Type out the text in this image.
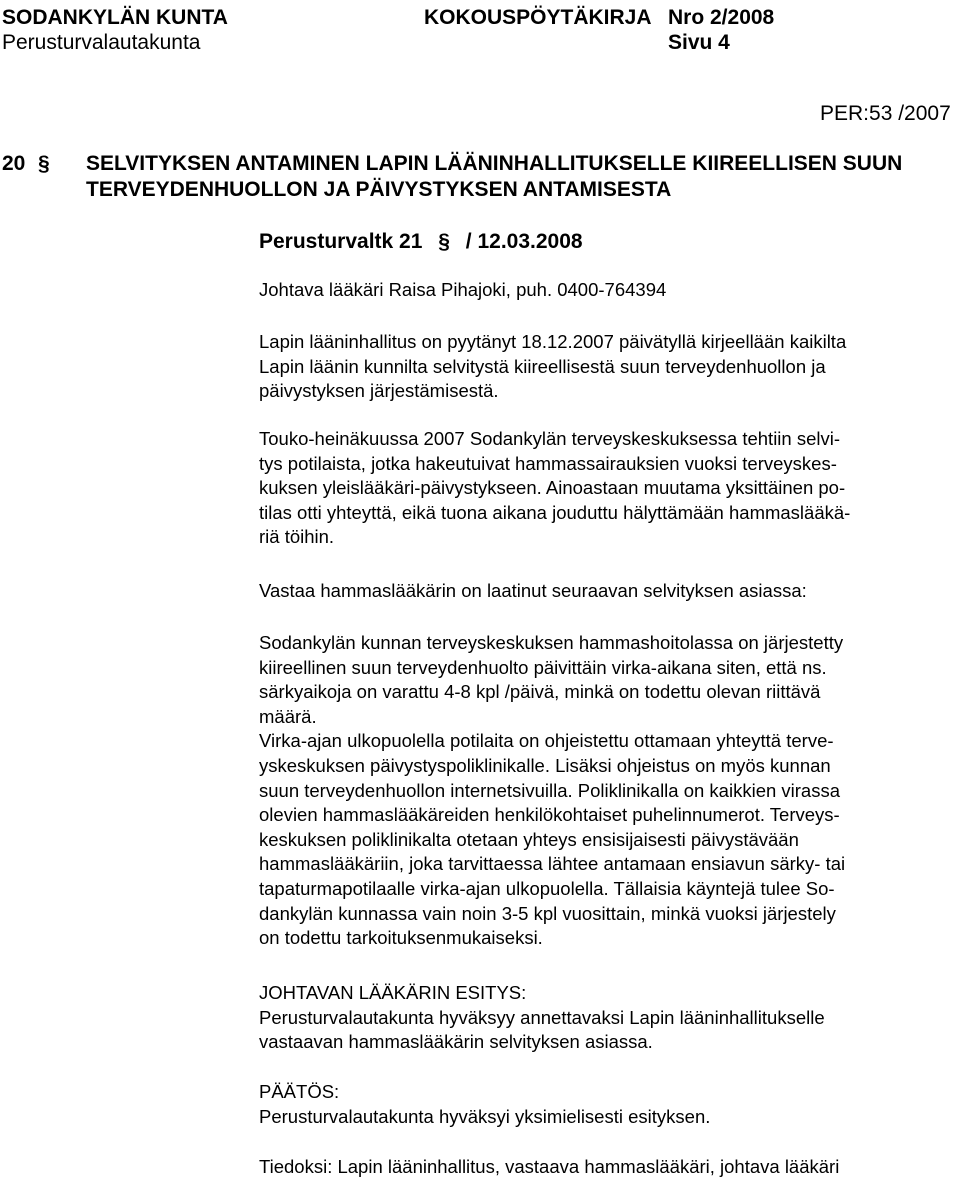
SODANKYLÄN KUNTA	KOKOUSPÖYTÄKIRJA Nro 2/2008
Perusturvalautakunta	Sivu 4
PER:53 /2007
20 § SELVITYKSEN ANTAMINEN LAPIN LÄÄNINHALLITUKSELLE KIIREELLISEN SUUN
TERVEYDENHUOLLON JA PÄIVYSTYKSEN ANTAMISESTA
Perusturvaltk 21 § / 12.03.2008
Johtava lääkäri Raisa Pihajoki, puh. 0400-764394
Lapin lääninhallitus on pyytänyt 18.12.2007 päivätyllä kirjeellään kaikilta
Lapin läänin kunnilta selvitystä kiireellisestä suun terveydenhuollon ja
päivystyksen järjestämisestä.
Touko-heinäkuussa 2007 Sodankylän terveyskeskuksessa tehtiin selvi-
tys potilaista, jotka hakeutuivat hammassairauksien vuoksi terveyskes-
kuksen yleislääkäri-päivystykseen. Ainoastaan muutama yksittäinen po-
tilas otti yhteyttä, eikä tuona aikana jouduttu hälyttämään hammaslääkä-
riä töihin.
Vastaa hammaslääkärin on laatinut seuraavan selvityksen asiassa:
Sodankylän kunnan terveyskeskuksen hammashoitolassa on järjestetty
kiireellinen suun terveydenhuolto päivittäin virka-aikana siten, että ns.
särkyaikoja on varattu 4-8 kpl /päivä, minkä on todettu olevan riittävä
määrä.
Virka-ajan ulkopuolella potilaita on ohjeistettu ottamaan yhteyttä terve-
yskeskuksen päivystyspoliklinikalle. Lisäksi ohjeistus on myös kunnan
suun terveydenhuollon internetsivuilla. Poliklinikalla on kaikkien virassa
olevien hammaslääkäreiden henkilökohtaiset puhelinnumerot. Terveys-
keskuksen poliklinikalta otetaan yhteys ensisijaisesti päivystävään
hammaslääkäriin, joka tarvittaessa lähtee antamaan ensiavun särky- tai
tapaturmapotilaalle virka-ajan ulkopuolella. Tällaisia käyntejä tulee So-
dankylän kunnassa vain noin 3-5 kpl vuosittain, minkä vuoksi järjestely
on todettu tarkoituksenmukaiseksi.
JOHTAVAN LÄÄKÄRIN ESITYS:
Perusturvalautakunta hyväksyy annettavaksi Lapin lääninhallitukselle
vastaavan hammaslääkärin selvityksen asiassa.
PÄÄTÖS:
Perusturvalautakunta hyväksyi yksimielisesti esityksen.
Tiedoksi: Lapin lääninhallitus, vastaava hammaslääkäri, johtava lääkäri
